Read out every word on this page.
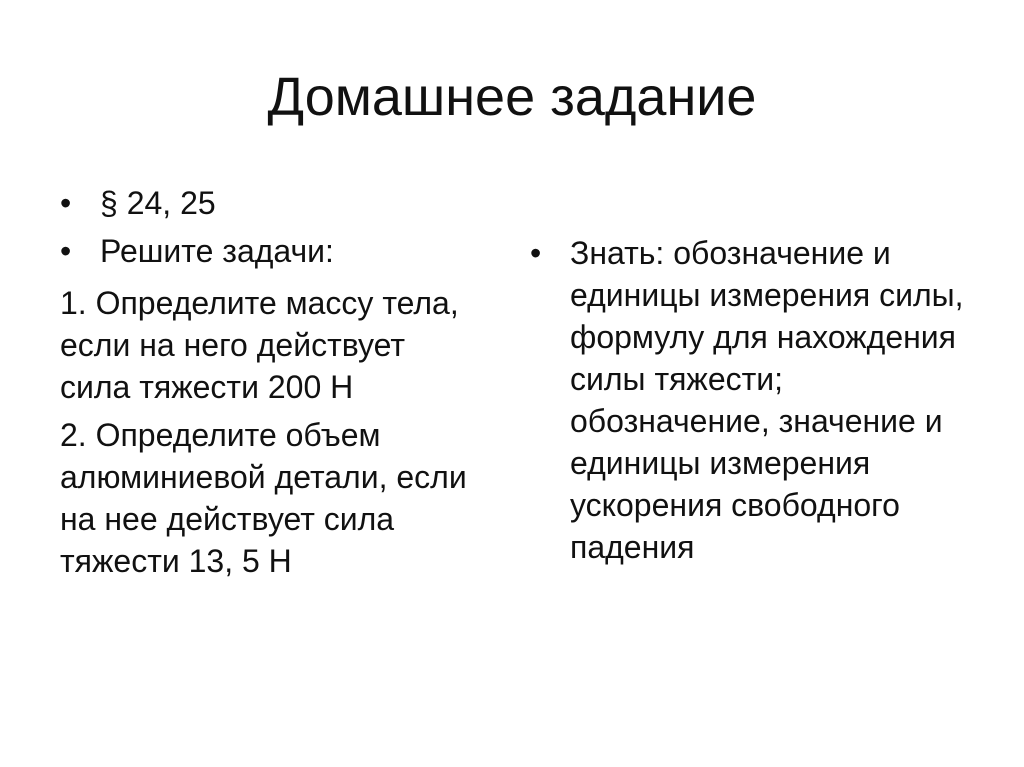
Домашнее задание
• § 24, 25
• Решите задачи:

1. Определите массу тела, если на него действует сила тяжести 200 Н

2. Определите объем алюминиевой детали, если на нее действует сила тяжести 13, 5 Н

• Знать: обозначение и единицы измерения силы, формулу для нахождения силы тяжести; обозначение, значение и единицы измерения ускорения свободного падения
